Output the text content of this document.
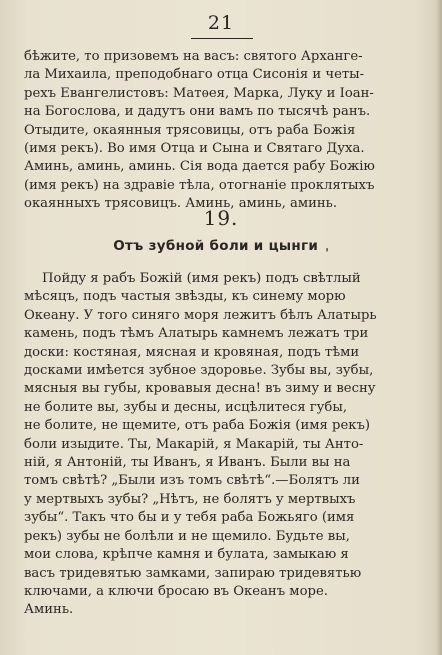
21
бѣжите, то призовемъ на васъ: святого Арханге-
ла Михаила, преподобнаго отца Сисонія и четы-
рехъ Евангелистовъ: Матѳея, Марка, Луку и Іоан-
на Богослова, и дадутъ они вамъ по тысячѣ ранъ.
Отыдите, окаянныя трясовицы, отъ раба Божія
(имя рекъ). Во имя Отца и Сына и Святаго Духа.
Аминь, аминь, аминь. Сія вода дается рабу Божію
(имя рекъ) на здравіе тѣла, отогнаніе проклятыхъ
окаянныхъ трясовицъ. Аминь, аминь, аминь.
19.
Отъ зубной боли и цынги ,
Пойду я рабъ Божій (имя рекъ) подъ свѣтлый
мѣсяцъ, подъ частыя звѣзды, къ синему морю
Океану. У того синяго моря лежитъ бѣлъ Алатырь
камень, подъ тѣмъ Алатырь камнемъ лежатъ три
доски: костяная, мясная и кровяная, подъ тѣми
досками имѣется зубное здоровье. Зубы вы, зубы,
мясныя вы губы, кровавыя десна! въ зиму и весну
не болите вы, зубы и десны, исцѣлитеся губы,
не болите, не щемите, отъ раба Божія (имя рекъ)
боли изыдите. Ты, Макарій, я Макарій, ты Анто-
ній, я Антоній, ты Иванъ, я Иванъ. Были вы на
томъ свѣтѣ? „Были изъ томъ свѣтѣ“.—Болятъ ли
у мертвыхъ зубы? „Нѣтъ, не болятъ у мертвыхъ
зубы“. Такъ что бы и у тебя раба Божьяго (имя
рекъ) зубы не болѣли и не щемило. Будьте вы,
мои слова, крѣпче камня и булата, замыкаю я
васъ тридевятью замками, запираю тридевятью
ключами, а ключи бросаю въ Океанъ море.
Аминь.
